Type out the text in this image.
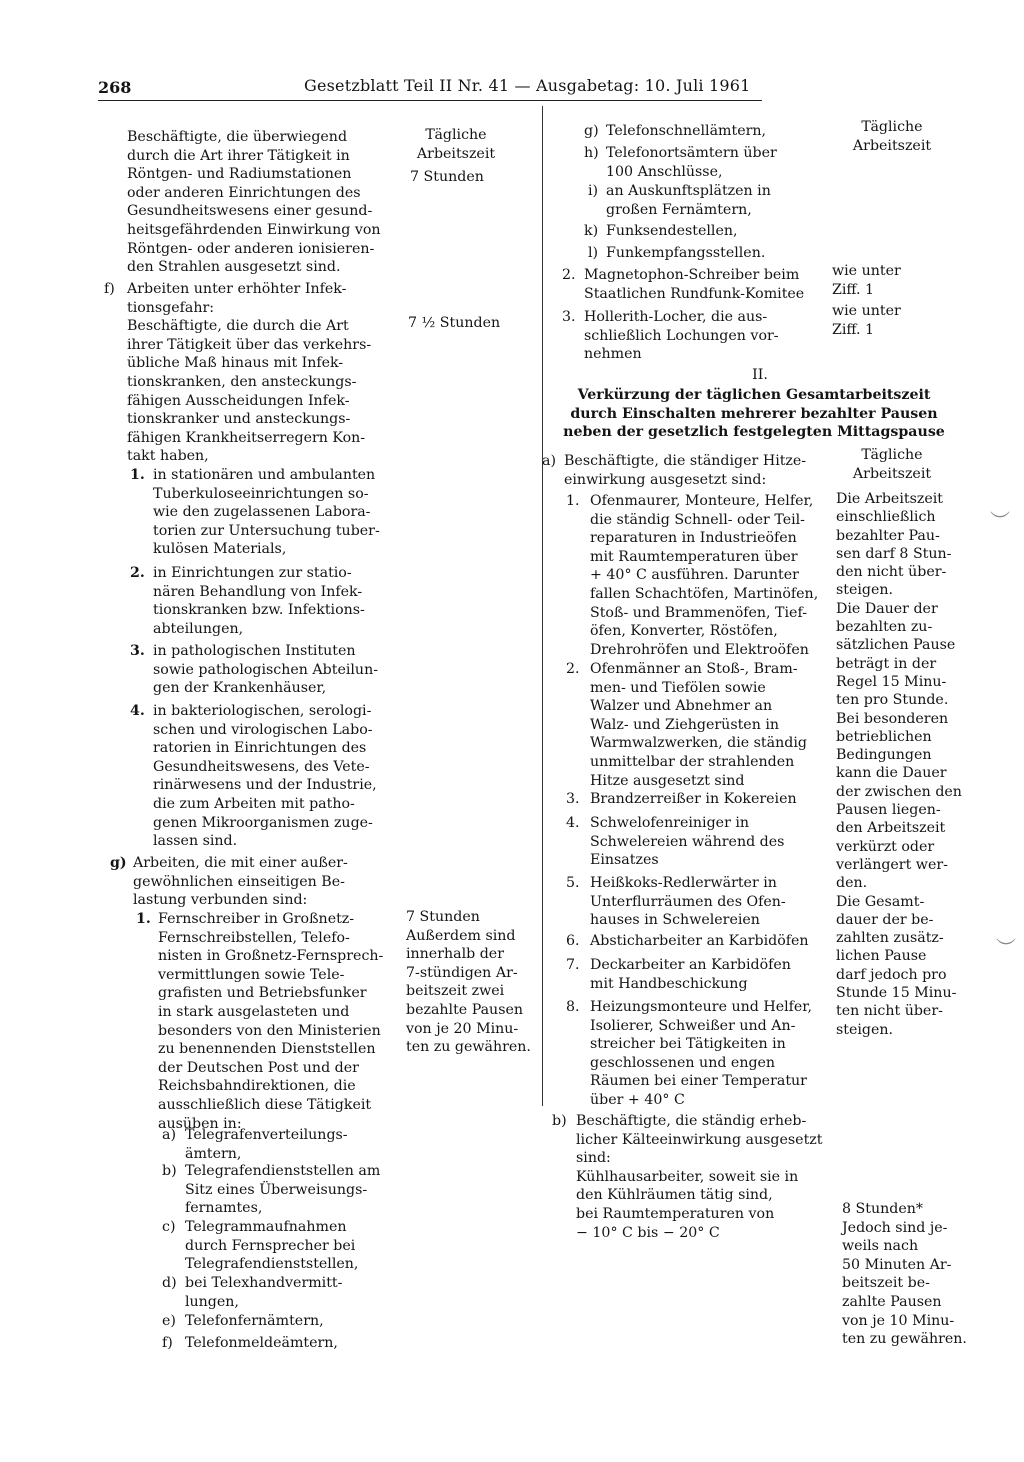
268	Gesetzblatt Teil II Nr. 41 — Ausgabetag: 10. Juli 1961
Beschäftigte, die überwiegend
durch die Art ihrer Tätigkeit in
Röntgen- und Radiumstationen
oder anderen Einrichtungen des
Gesundheitswesens einer gesund-
heitsgefährdenden Einwirkung von
Röntgen- oder anderen ionisieren-
den Strahlen ausgesetzt sind.
Tägliche
Arbeitszeit
7 Stunden
f) Arbeiten unter erhöhter Infek-
tionsgefahr:
Beschäftigte, die durch die Art
ihrer Tätigkeit über das verkehrs-
übliche Maß hinaus mit Infek-
tionskranken, den ansteckungs-
fähigen Ausscheidungen Infek-
tionskranker und ansteckungs-
fähigen Krankheitserregern Kon-
takt haben,
7 ½ Stunden
1. in stationären und ambulanten
Tuberkuloseeinrichtungen so-
wie den zugelassenen Labora-
torien zur Untersuchung tuber-
kulösen Materials,
2. in Einrichtungen zur statio-
nären Behandlung von Infek-
tionskranken bzw. Infektions-
abteilungen,
3. in pathologischen Instituten
sowie pathologischen Abteilun-
gen der Krankenhäuser,
4. in bakteriologischen, serologi-
schen und virologischen Labo-
ratorien in Einrichtungen des
Gesundheitswesens, des Vete-
rinärwesens und der Industrie,
die zum Arbeiten mit patho-
genen Mikroorganismen zuge-
lassen sind.
g) Arbeiten, die mit einer außer-
gewöhnlichen einseitigen Be-
lastung verbunden sind:
1. Fernschreiber in Großnetz-
Fernschreibstellen, Telefo-
nisten in Großnetz-Fernsprech-
vermittlungen sowie Tele-
grafisten und Betriebsfunker
in stark ausgelasteten und
besonders von den Ministerien
zu benennenden Dienststellen
der Deutschen Post und der
Reichsbahndirektionen, die
ausschließlich diese Tätigkeit
ausüben in:
7 Stunden
Außerdem sind
innerhalb der
7-stündigen Ar-
beitszeit zwei
bezahlte Pausen
von je 20 Minu-
ten zu gewähren.
a) Telegrafenverteilungs-
ämtern,
b) Telegrafendienststellen am
Sitz eines Überweisungs-
fernamtes,
c) Telegrammaufnahmen
durch Fernsprecher bei
Telegrafendienststellen,
d) bei Telexhandvermitt-
lungen,
e) Telefonfernämtern,
f) Telefonmeldeämtern,
g) Telefonschnellämtern,	Tägliche
Arbeitszeit
h) Telefonortsämtern über
100 Anschlüsse,
i) an Auskunftsplätzen in
großen Fernämtern,
k) Funksendestellen,
l) Funkempfangsstellen.
2. Magnetophon-Schreiber beim
Staatlichen Rundfunk-Komitee
wie unter
Ziff. 1
3. Hollerith-Locher, die aus-
schließlich Lochungen vor-
nehmen
wie unter
Ziff. 1
II.
Verkürzung der täglichen Gesamtarbeitszeit
durch Einschalten mehrerer bezahlter Pausen
neben der gesetzlich festgelegten Mittagspause
a) Beschäftigte, die ständiger Hitze-
einwirkung ausgesetzt sind:
Tägliche
Arbeitszeit
1. Ofenmaurer, Monteure, Helfer,
die ständig Schnell- oder Teil-
reparaturen in Industrieöfen
mit Raumtemperaturen über
+ 40° C ausführen. Darunter
fallen Schachtöfen, Martinöfen,
Stoß- und Brammenöfen, Tief-
öfen, Konverter, Röstöfen,
Drehrohröfen und Elektroöfen
2. Ofenmänner an Stoß-, Bram-
men- und Tiefölen sowie
Walzer und Abnehmer an
Walz- und Ziehgerüsten in
Warmwalzwerken, die ständig
unmittelbar der strahlenden
Hitze ausgesetzt sind
3. Brandzerreißer in Kokereien
4. Schwelofenreiniger in
Schwelereien während des
Einsatzes
5. Heißkoks-Redlerwärter in
Unterflurräumen des Ofen-
hauses in Schwelereien
6. Absticharbeiter an Karbidöfen
7. Deckarbeiter an Karbidöfen
mit Handbeschickung
8. Heizungsmonteure und Helfer,
Isolierer, Schweißer und An-
streicher bei Tätigkeiten in
geschlossenen und engen
Räumen bei einer Temperatur
über + 40° C
Die Arbeitszeit
einschließlich
bezahlter Pau-
sen darf 8 Stun-
den nicht über-
steigen.
Die Dauer der
bezahlten zu-
sätzlichen Pause
beträgt in der
Regel 15 Minu-
ten pro Stunde.
Bei besonderen
betrieblichen
Bedingungen
kann die Dauer
der zwischen den
Pausen liegen-
den Arbeitszeit
verkürzt oder
verlängert wer-
den.
Die Gesamt-
dauer der be-
zahlten zusätz-
lichen Pause
darf jedoch pro
Stunde 15 Minu-
ten nicht über-
steigen.
b) Beschäftigte, die ständig erheb-
licher Kälteeinwirkung ausgesetzt
sind:
Kühlhausarbeiter, soweit sie in
den Kühlräumen tätig sind,
bei Raumtemperaturen von
− 10° C bis − 20° C
8 Stunden*
Jedoch sind je-
weils nach
50 Minuten Ar-
beitszeit be-
zahlte Pausen
von je 10 Minu-
ten zu gewähren.
︶
︶
